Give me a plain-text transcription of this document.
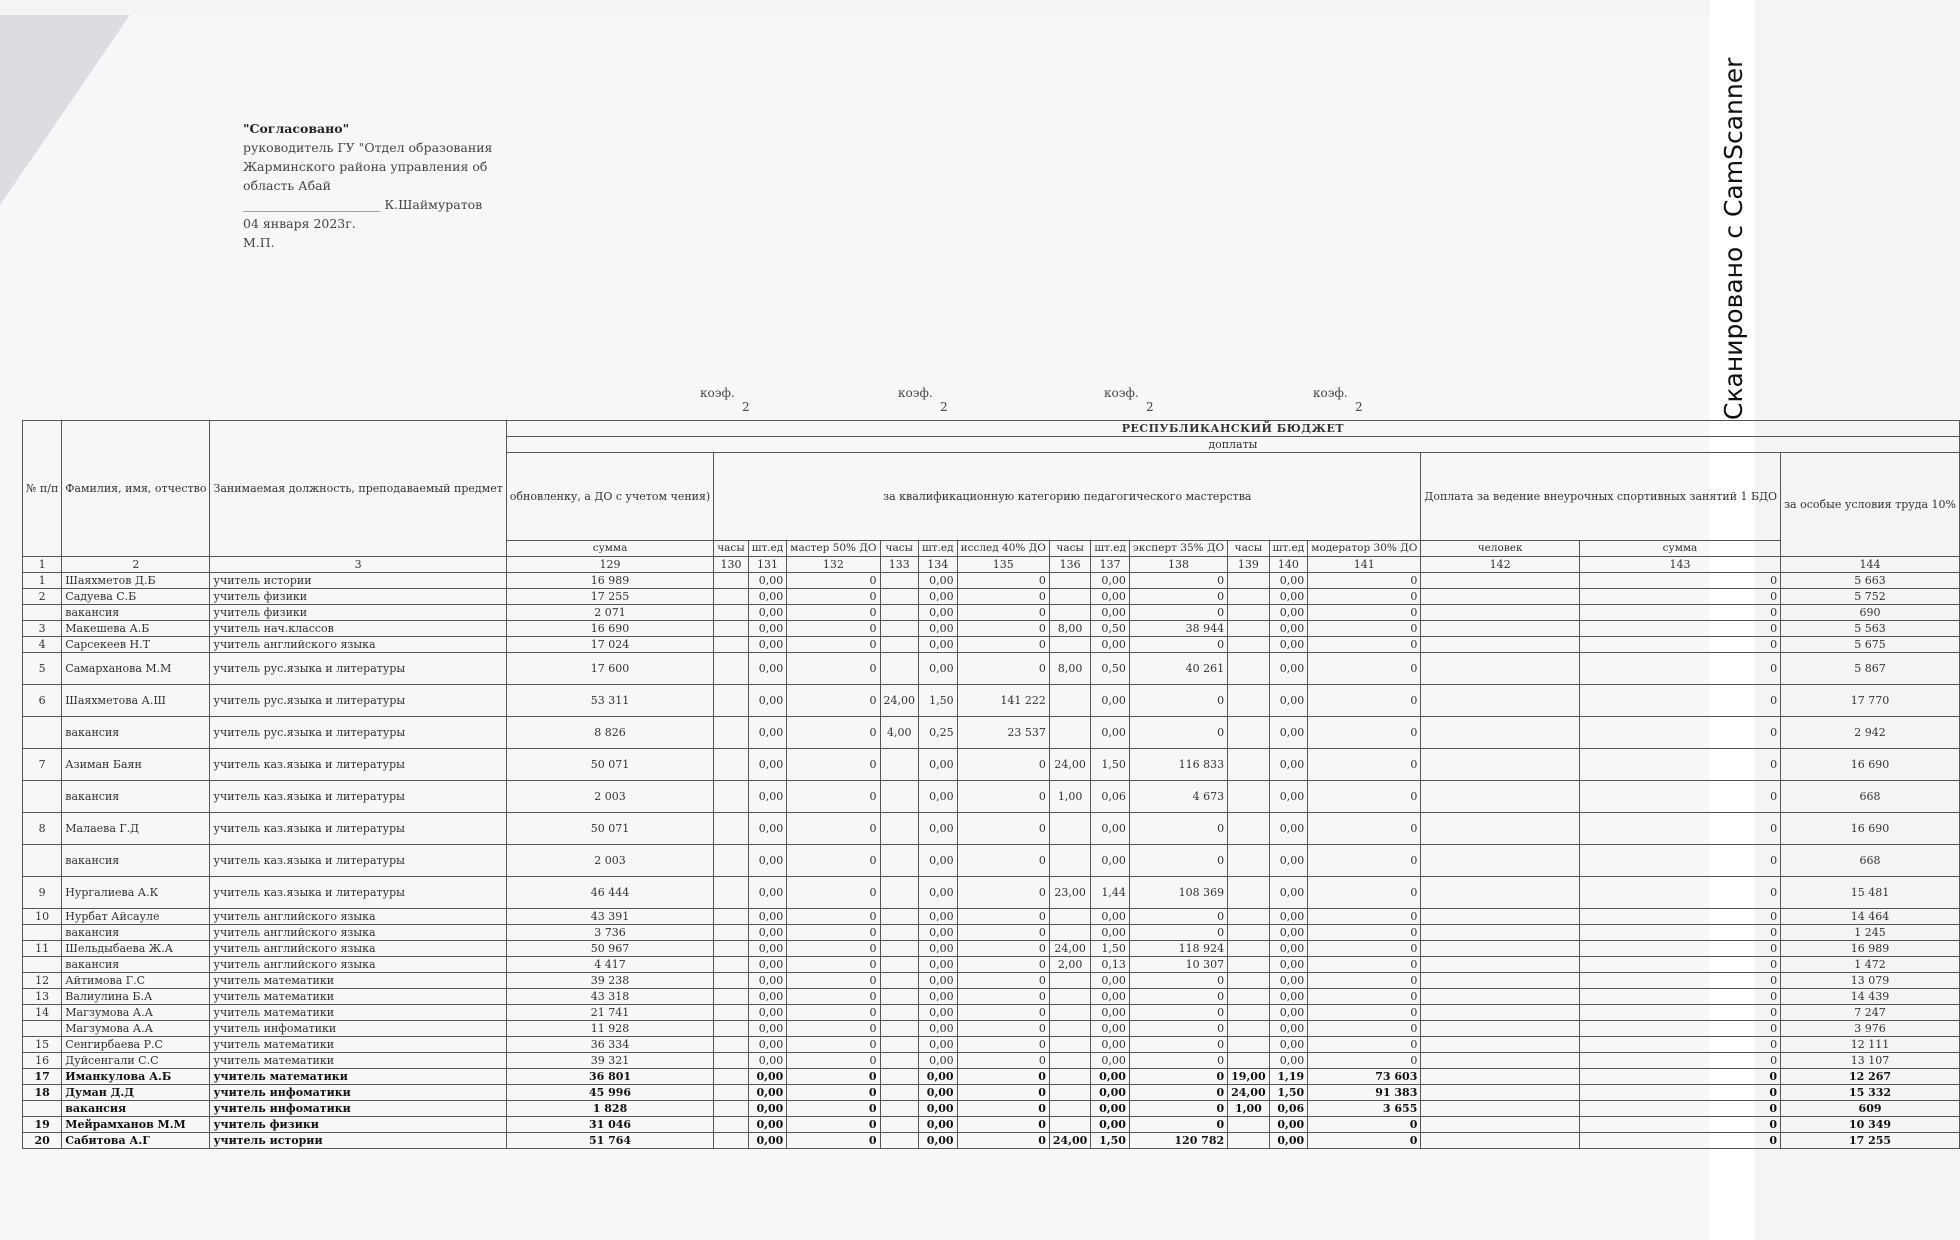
"Согласовано"
руководитель ГУ "Отдел образования
Жарминского района управления об
область Абай
______________________ К.Шаймуратов
04 января 2023г.
М.П.
коэф.
2
коэф.
2
коэф.
2
коэф.
2	Сканировано с CamScanner
№ п/п	Фамилия, имя, отчество	Занимаемая должность, преподаваемый предмет	РЕСПУБЛИКАНСКИЙ БЮДЖЕТ															
			доплаты															
			обновленку, а ДО с учетом чения)	за квалификационную категорию педагогического мастерства												Доплата за ведение внеурочных спортивных занятий 1 БДО		за особые условия труда 10%
			сумма	часы	шт.ед	мастер 50% ДО	часы	шт.ед	исслед 40% ДО	часы	шт.ед	эксперт 35% ДО	часы	шт.ед	модератор 30% ДО	человек	сумма	
1	2	3	129	130	131	132	133	134	135	136	137	138	139	140	141	142	143	144
1	Шаяхметов Д.Б	учитель истории	16 989		0,00	0		0,00	0		0,00	0		0,00	0		0	5 663
2	Садуева С.Б	учитель физики	17 255		0,00	0		0,00	0		0,00	0		0,00	0		0	5 752
	вакансия	учитель физики	2 071		0,00	0		0,00	0		0,00	0		0,00	0		0	690
3	Макешева А.Б	учитель нач.классов	16 690		0,00	0		0,00	0	8,00	0,50	38 944		0,00	0		0	5 563
4	Сарсекеев Н.Т	учитель английского языка	17 024		0,00	0		0,00	0		0,00	0		0,00	0		0	5 675
5	Самарханова М.М	учитель рус.языка и литературы	17 600		0,00	0		0,00	0	8,00	0,50	40 261		0,00	0		0	5 867
6	Шаяхметова А.Ш	учитель рус.языка и литературы	53 311		0,00	0	24,00	1,50	141 222		0,00	0		0,00	0		0	17 770
	вакансия	учитель рус.языка и литературы	8 826		0,00	0	4,00	0,25	23 537		0,00	0		0,00	0		0	2 942
7	Азиман Баян	учитель каз.языка и литературы	50 071		0,00	0		0,00	0	24,00	1,50	116 833		0,00	0		0	16 690
	вакансия	учитель каз.языка и литературы	2 003		0,00	0		0,00	0	1,00	0,06	4 673		0,00	0		0	668
8	Малаева Г.Д	учитель каз.языка и литературы	50 071		0,00	0		0,00	0		0,00	0		0,00	0		0	16 690
	вакансия	учитель каз.языка и литературы	2 003		0,00	0		0,00	0		0,00	0		0,00	0		0	668
9	Нургалиева А.К	учитель каз.языка и литературы	46 444		0,00	0		0,00	0	23,00	1,44	108 369		0,00	0		0	15 481
10	Нурбат Айсауле	учитель английского языка	43 391		0,00	0		0,00	0		0,00	0		0,00	0		0	14 464
	вакансия	учитель английского языка	3 736		0,00	0		0,00	0		0,00	0		0,00	0		0	1 245
11	Шельдыбаева Ж.А	учитель английского языка	50 967		0,00	0		0,00	0	24,00	1,50	118 924		0,00	0		0	16 989
	вакансия	учитель английского языка	4 417		0,00	0		0,00	0	2,00	0,13	10 307		0,00	0		0	1 472
12	Айтимова Г.С	учитель математики	39 238		0,00	0		0,00	0		0,00	0		0,00	0		0	13 079
13	Валиулина Б.А	учитель математики	43 318		0,00	0		0,00	0		0,00	0		0,00	0		0	14 439
14	Магзумова А.А	учитель математики	21 741		0,00	0		0,00	0		0,00	0		0,00	0		0	7 247
	Магзумова А.А	учитель инфоматики	11 928		0,00	0		0,00	0		0,00	0		0,00	0		0	3 976
15	Сенгирбаева Р.С	учитель математики	36 334		0,00	0		0,00	0		0,00	0		0,00	0		0	12 111
16	Дуйсенгали С.С	учитель математики	39 321		0,00	0		0,00	0		0,00	0		0,00	0		0	13 107
17	Иманкулова А.Б	учитель математики	36 801		0,00	0		0,00	0		0,00	0	19,00	1,19	73 603		0	12 267
18	Думан Д.Д	учитель инфоматики	45 996		0,00	0		0,00	0		0,00	0	24,00	1,50	91 383		0	15 332
	вакансия	учитель инфоматики	1 828		0,00	0		0,00	0		0,00	0	1,00	0,06	3 655		0	609
19	Мейрамханов М.М	учитель физики	31 046		0,00	0		0,00	0		0,00	0		0,00	0		0	10 349
20	Сабитова А.Г	учитель истории	51 764		0,00	0		0,00	0	24,00	1,50	120 782		0,00	0		0	17 255
